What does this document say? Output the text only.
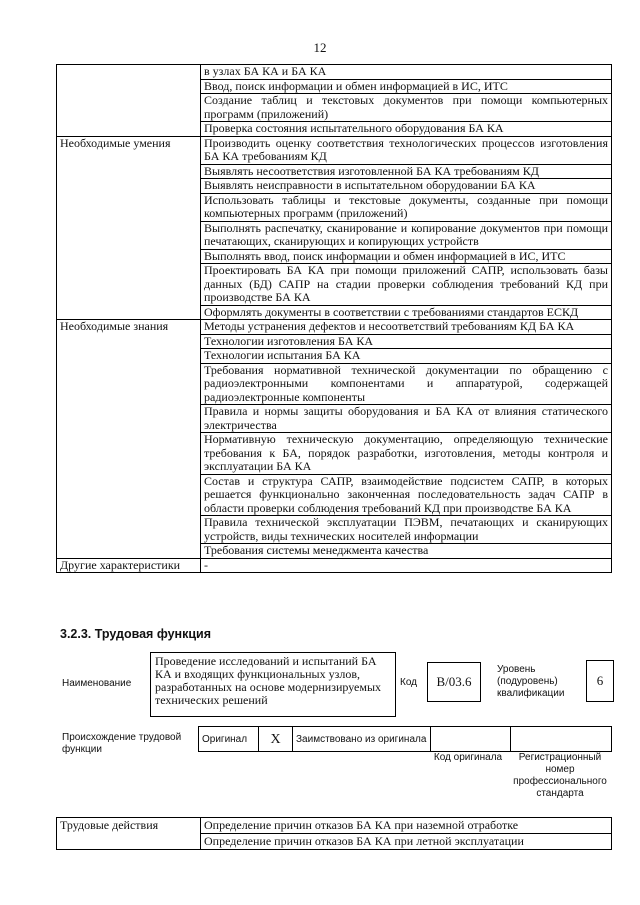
12
	в узлах БА КА и БА КА
	Ввод, поиск информации и обмен информацией в ИС, ИТС
	Создание таблиц и текстовых документов при помощи компьютерных программ (приложений)
	Проверка состояния испытательного оборудования БА КА
Необходимые умения	Производить оценку соответствия технологических процессов изготовления БА КА требованиям КД
	Выявлять несоответствия изготовленной БА КА требованиям КД
	Выявлять неисправности в испытательном оборудовании БА КА
	Использовать таблицы и текстовые документы, созданные при помощи компьютерных программ (приложений)
	Выполнять распечатку, сканирование и копирование документов при помощи печатающих, сканирующих и копирующих устройств
	Выполнять ввод, поиск информации и обмен информацией в ИС, ИТС
	Проектировать БА КА при помощи приложений САПР, использовать базы данных (БД) САПР на стадии проверки соблюдения требований КД при производстве БА КА
	Оформлять документы в соответствии с требованиями стандартов ЕСКД
Необходимые знания	Методы устранения дефектов и несоответствий требованиям КД БА КА
	Технологии изготовления БА КА
	Технологии испытания БА КА
	Требования нормативной технической документации по обращению с радиоэлектронными компонентами и аппаратурой, содержащей радиоэлектронные компоненты
	Правила и нормы защиты оборудования и БА КА от влияния статического электричества
	Нормативную техническую документацию, определяющую технические требования к БА, порядок разработки, изготовления, методы контроля и эксплуатации БА КА
	Состав и структура САПР, взаимодействие подсистем САПР, в которых решается функционально законченная последовательность задач САПР в области проверки соблюдения требований КД при производстве БА КА
	Правила технической эксплуатации ПЭВМ, печатающих и сканирующих устройств, виды технических носителей информации
	Требования системы менеджмента качества
Другие характеристики	-
3.2.3. Трудовая функция
Наименование
Проведение исследований и испытаний БА КА и входящих функциональных узлов, разработанных на основе модернизируемых технических решений
Код	В/03.6
Уровень (подуровень) квалификации
6
Происхождение трудовой функции
Оригинал	X	Заимствовано из оригинала		
Код оригинала	Регистрационный номер профессионального стандарта
Трудовые действия	Определение причин отказов БА КА при наземной отработке
Определение причин отказов БА КА при летной эксплуатации
